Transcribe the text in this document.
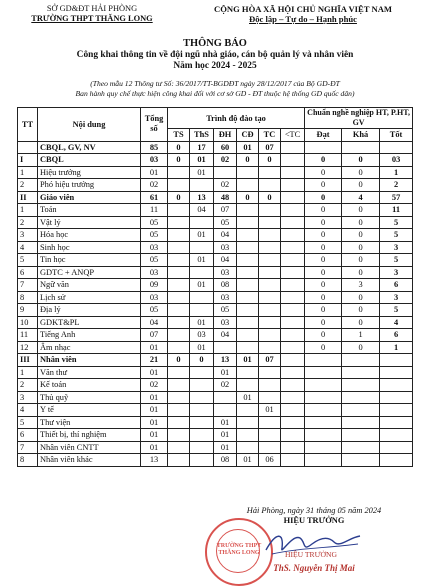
SỞ GD&ĐT HẢI PHÒNG
TRƯỜNG THPT THĂNG LONG
CỘNG HÒA XÃ HỘI CHỦ NGHĨA VIỆT NAM
Độc lập – Tự do – Hạnh phúc
THÔNG BÁO
Công khai thông tin về đội ngũ nhà giáo, cán bộ quản lý và nhân viên
Năm học 2024 - 2025
(Theo mẫu 12 Thông tư Số: 36/2017/TT-BGDĐT ngày 28/12/2017 của Bộ GD-ĐT
Ban hành quy chế thực hiện công khai đối với cơ sở GD - ĐT thuộc hệ thống GD quốc dân)
TT	Nội dung	Tổng số	Trình độ đào tạo						Chuẩn nghề nghiệp HT, P.HT, GV		
			TS	ThS	ĐH	CĐ	TC	<TC	Đạt	Khá	Tốt
	CBQL, GV, NV	85	0	17	60	01	07				
I	CBQL	03	0	01	02	0	0		0	0	03
1	Hiệu trưởng	01		01					0	0	1
2	Phó hiệu trưởng	02			02				0	0	2
II	Giáo viên	61	0	13	48	0	0		0	4	57
1	Toán	11		04	07				0	0	11
2	Vật lý	05			05				0	0	5
3	Hóa học	05		01	04				0	0	5
4	Sinh học	03			03				0	0	3
5	Tin học	05		01	04				0	0	5
6	GDTC + ANQP	03			03				0	0	3
7	Ngữ văn	09		01	08				0	3	6
8	Lịch sử	03			03				0	0	3
9	Địa lý	05			05				0	0	5
10	GDKT&PL	04		01	03				0	0	4
11	Tiếng Anh	07		03	04				0	1	6
12	Âm nhạc	01		01					0	0	1
III	Nhân viên	21	0	0	13	01	07				
1	Văn thư	01			01						
2	Kế toán	02			02						
3	Thủ quỹ	01				01					
4	Y tế	01					01				
5	Thư viện	01			01						
6	Thiết bị, thí nghiệm	01			01						
7	Nhân viên CNTT	01			01						
8	Nhân viên khác	13			08	01	06				
Hải Phòng, ngày 31 tháng 05 năm 2024
HIỆU TRƯỞNG
TRƯỜNG THPT THĂNG LONG	HIỆU TRƯỞNG
ThS. Nguyễn Thị Mai
